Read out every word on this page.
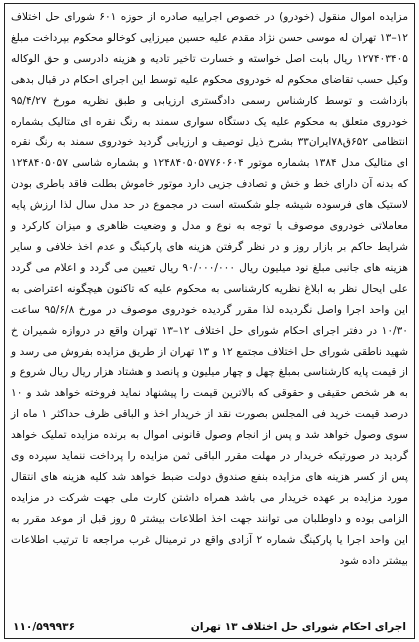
مزایده اموال منقول (خودرو) در خصوص اجراییه صادره از حوزه ۶۰۱ شورای حل اختلاف ۱۲–۱۳ تهران له موسی حسن نژاد مقدم علیه حسین میرزایی کوخالو محکوم بپرداخت مبلغ ۱۲۷۴۰۳۴۰۵ ریال بابت اصل خواسته و خسارت تاخیر تادیه و هزینه دادرسی و حق الوکاله وکیل حسب تقاضای محکوم له خودروی محکوم علیه توسط این اجرای احکام در قبال بدهی بازداشت و توسط کارشناس رسمی دادگستری ارزیابی و طبق نظریه مورخ ۹۵/۴/۲۷ خودروی متعلق به محکوم علیه یک دستگاه سواری سمند به رنگ نقره ای متالیک بشماره انتظامی ۶۵۲ق۷۸ایران۳۳ بشرح ذیل توصیف و ارزیابی گردید خودروی سمند به رنگ نقره ای متالیک مدل ۱۳۸۴ بشماره موتور ۱۲۴۸۴۰۵۰۵۷۷۶۰۶۰۴ و بشماره شاسی ۱۲۴۸۴۰۵۰۵۷ که بدنه آن دارای خط و خش و تصادف جزیی دارد موتور خاموش بطلت فاقد باطری بودن لاستیک های فرسوده شیشه جلو شکسته است در مجموع در حد مدل سال لذا ارزش پایه معاملاتی خودروی موصوف با توجه به نوع و مدل و وضعیت ظاهری و میزان کارکرد و شرایط حاکم بر بازار روز و در نظر گرفتن هزینه های پارکینگ و عدم اخذ خلافی و سایر هزینه های جانبی مبلغ نود میلیون ریال ۹۰/۰۰۰/۰۰۰ ریال تعیین می گردد و اعلام می گردد علی ایحال نظر به ابلاغ نظریه کارشناسی به محکوم علیه که تاکنون هیچگونه اعتراضی به این واحد اجرا واصل نگردیده لذا مقرر گردیده خودروی موصوف در مورخ ۹۵/۶/۸ ساعت ۱۰/۳۰ در دفتر اجرای احکام شورای حل اختلاف ۱۲–۱۳ تهران واقع در دروازه شمیران خ شهید ناطقی شورای حل اختلاف مجتمع ۱۲ و ۱۳ تهران از طریق مزایده بفروش می رسد و از قیمت پایه کارشناسی بمبلغ چهل و چهار میلیون و پانصد و هشتاد هزار ریال ریال شروع و به هر شخص حقیقی و حقوقی که بالاترین قیمت را پیشنهاد نماید فروخته خواهد شد و ۱۰ درصد قیمت خرید فی المجلس بصورت نقد از خریدار اخذ و الباقی ظرف حداکثر ۱ ماه از سوی وصول خواهد شد و پس از انجام وصول قانونی اموال به برنده مزایده تملیک خواهد گردید در صورتیکه خریدار در مهلت مقرر الباقی ثمن مزایده را پرداخت ننماید سپرده وی پس از کسر هزینه های مزایده بنفع صندوق دولت ضبط خواهد شد کلیه هزینه های انتقال مورد مزایده بر عهده خریدار می باشد همراه داشتن کارت ملی جهت شرکت در مزایده الزامی بوده و داوطلبان می توانند جهت اخذ اطلاعات بیشتر ۵ روز قبل از موعد مقرر به این واحد اجرا یا پارکینگ شماره ۲ آزادی واقع در ترمینال غرب مراجعه تا ترتیب اطلاعات بیشتر داده شود
اجرای احکام شورای حل اختلاف ۱۳ تهران
۱۱۰/۵۹۹۹۳۶
